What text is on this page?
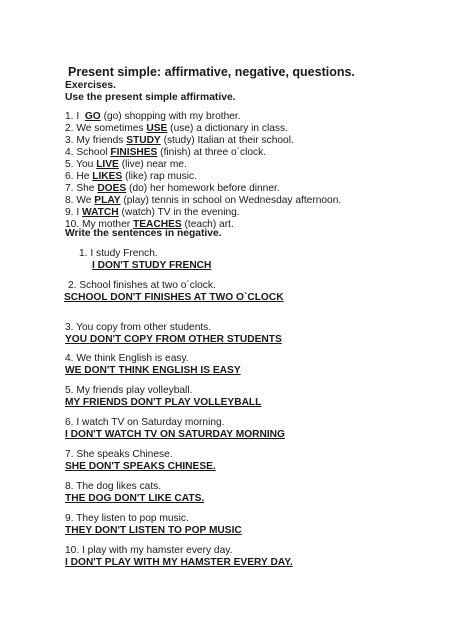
Present simple: affirmative, negative, questions.
Exercises.
Use the present simple affirmative.
1. I GO (go) shopping with my brother.
2. We sometimes USE (use) a dictionary in class.
3. My friends STUDY (study) Italian at their school.
4. School FINISHES (finish) at three o´clock.
5. You LIVE (live) near me.
6. He LIKES (like) rap music.
7. She DOES (do) her homework before dinner.
8. We PLAY (play) tennis in school on Wednesday afternoon.
9. I WATCH (watch) TV in the evening.
10. My mother TEACHES (teach) art.
Write the sentences in negative.
1. I study French.
I DON'T STUDY FRENCH
2. School finishes at two o´clock.
SCHOOL DON'T FINISHES AT TWO O`CLOCK
3. You copy from other students.
YOU DON'T COPY FROM OTHER STUDENTS
4. We think English is easy.
WE DON'T THINK ENGLISH IS EASY
5. My friends play volleyball.
MY FRIENDS DON'T PLAY VOLLEYBALL
6. I watch TV on Saturday morning.
I DON'T WATCH TV ON SATURDAY MORNING
7. She speaks Chinese.
SHE DON'T SPEAKS CHINESE.
8. The dog likes cats.
THE DOG DON'T LIKE CATS.
9. They listen to pop music.
THEY DON'T LISTEN TO POP MUSIC
10. I play with my hamster every day.
I DON'T PLAY WITH MY HAMSTER EVERY DAY.
